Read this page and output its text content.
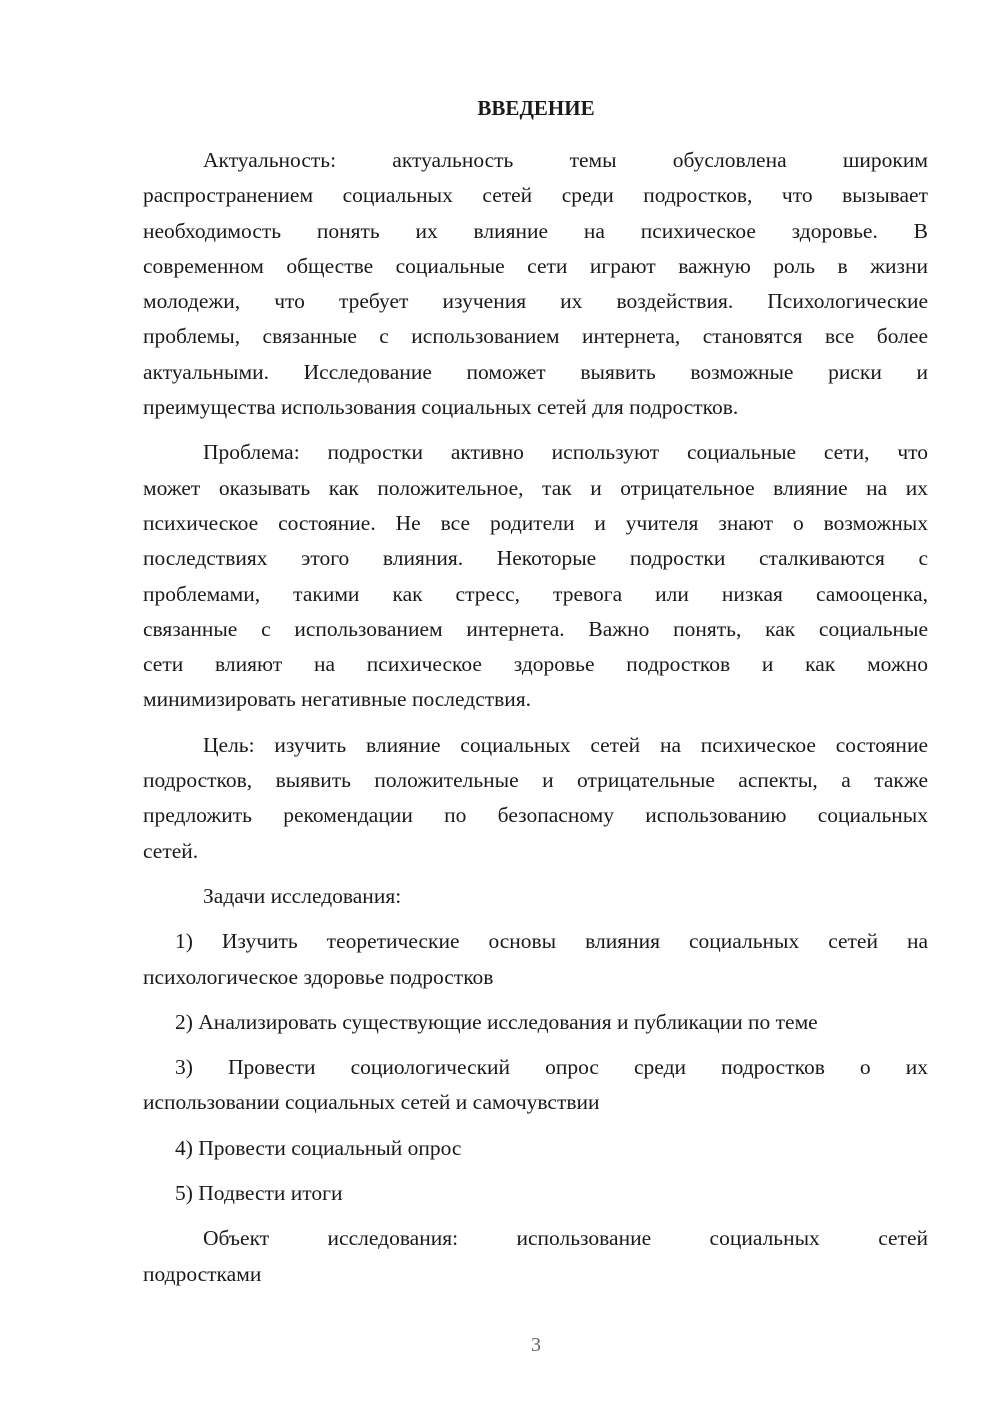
ВВЕДЕНИЕ
Актуальность: актуальность темы обусловлена широким
распространением социальных сетей среди подростков, что вызывает
необходимость понять их влияние на психическое здоровье. В
современном обществе социальные сети играют важную роль в жизни
молодежи, что требует изучения их воздействия. Психологические
проблемы, связанные с использованием интернета, становятся все более
актуальными. Исследование поможет выявить возможные риски и
преимущества использования социальных сетей для подростков.
Проблема: подростки активно используют социальные сети, что
может оказывать как положительное, так и отрицательное влияние на их
психическое состояние. Не все родители и учителя знают о возможных
последствиях этого влияния. Некоторые подростки сталкиваются с
проблемами, такими как стресс, тревога или низкая самооценка,
связанные с использованием интернета. Важно понять, как социальные
сети влияют на психическое здоровье подростков и как можно
минимизировать негативные последствия.
Цель: изучить влияние социальных сетей на психическое состояние
подростков, выявить положительные и отрицательные аспекты, а также
предложить рекомендации по безопасному использованию социальных
сетей.
Задачи исследования:
1) Изучить теоретические основы влияния социальных сетей на
психологическое здоровье подростков
2) Анализировать существующие исследования и публикации по теме
3) Провести социологический опрос среди подростков о их
использовании социальных сетей и самочувствии
4) Провести социальный опрос
5) Подвести итоги
Объект исследования: использование социальных сетей
подростками
3
